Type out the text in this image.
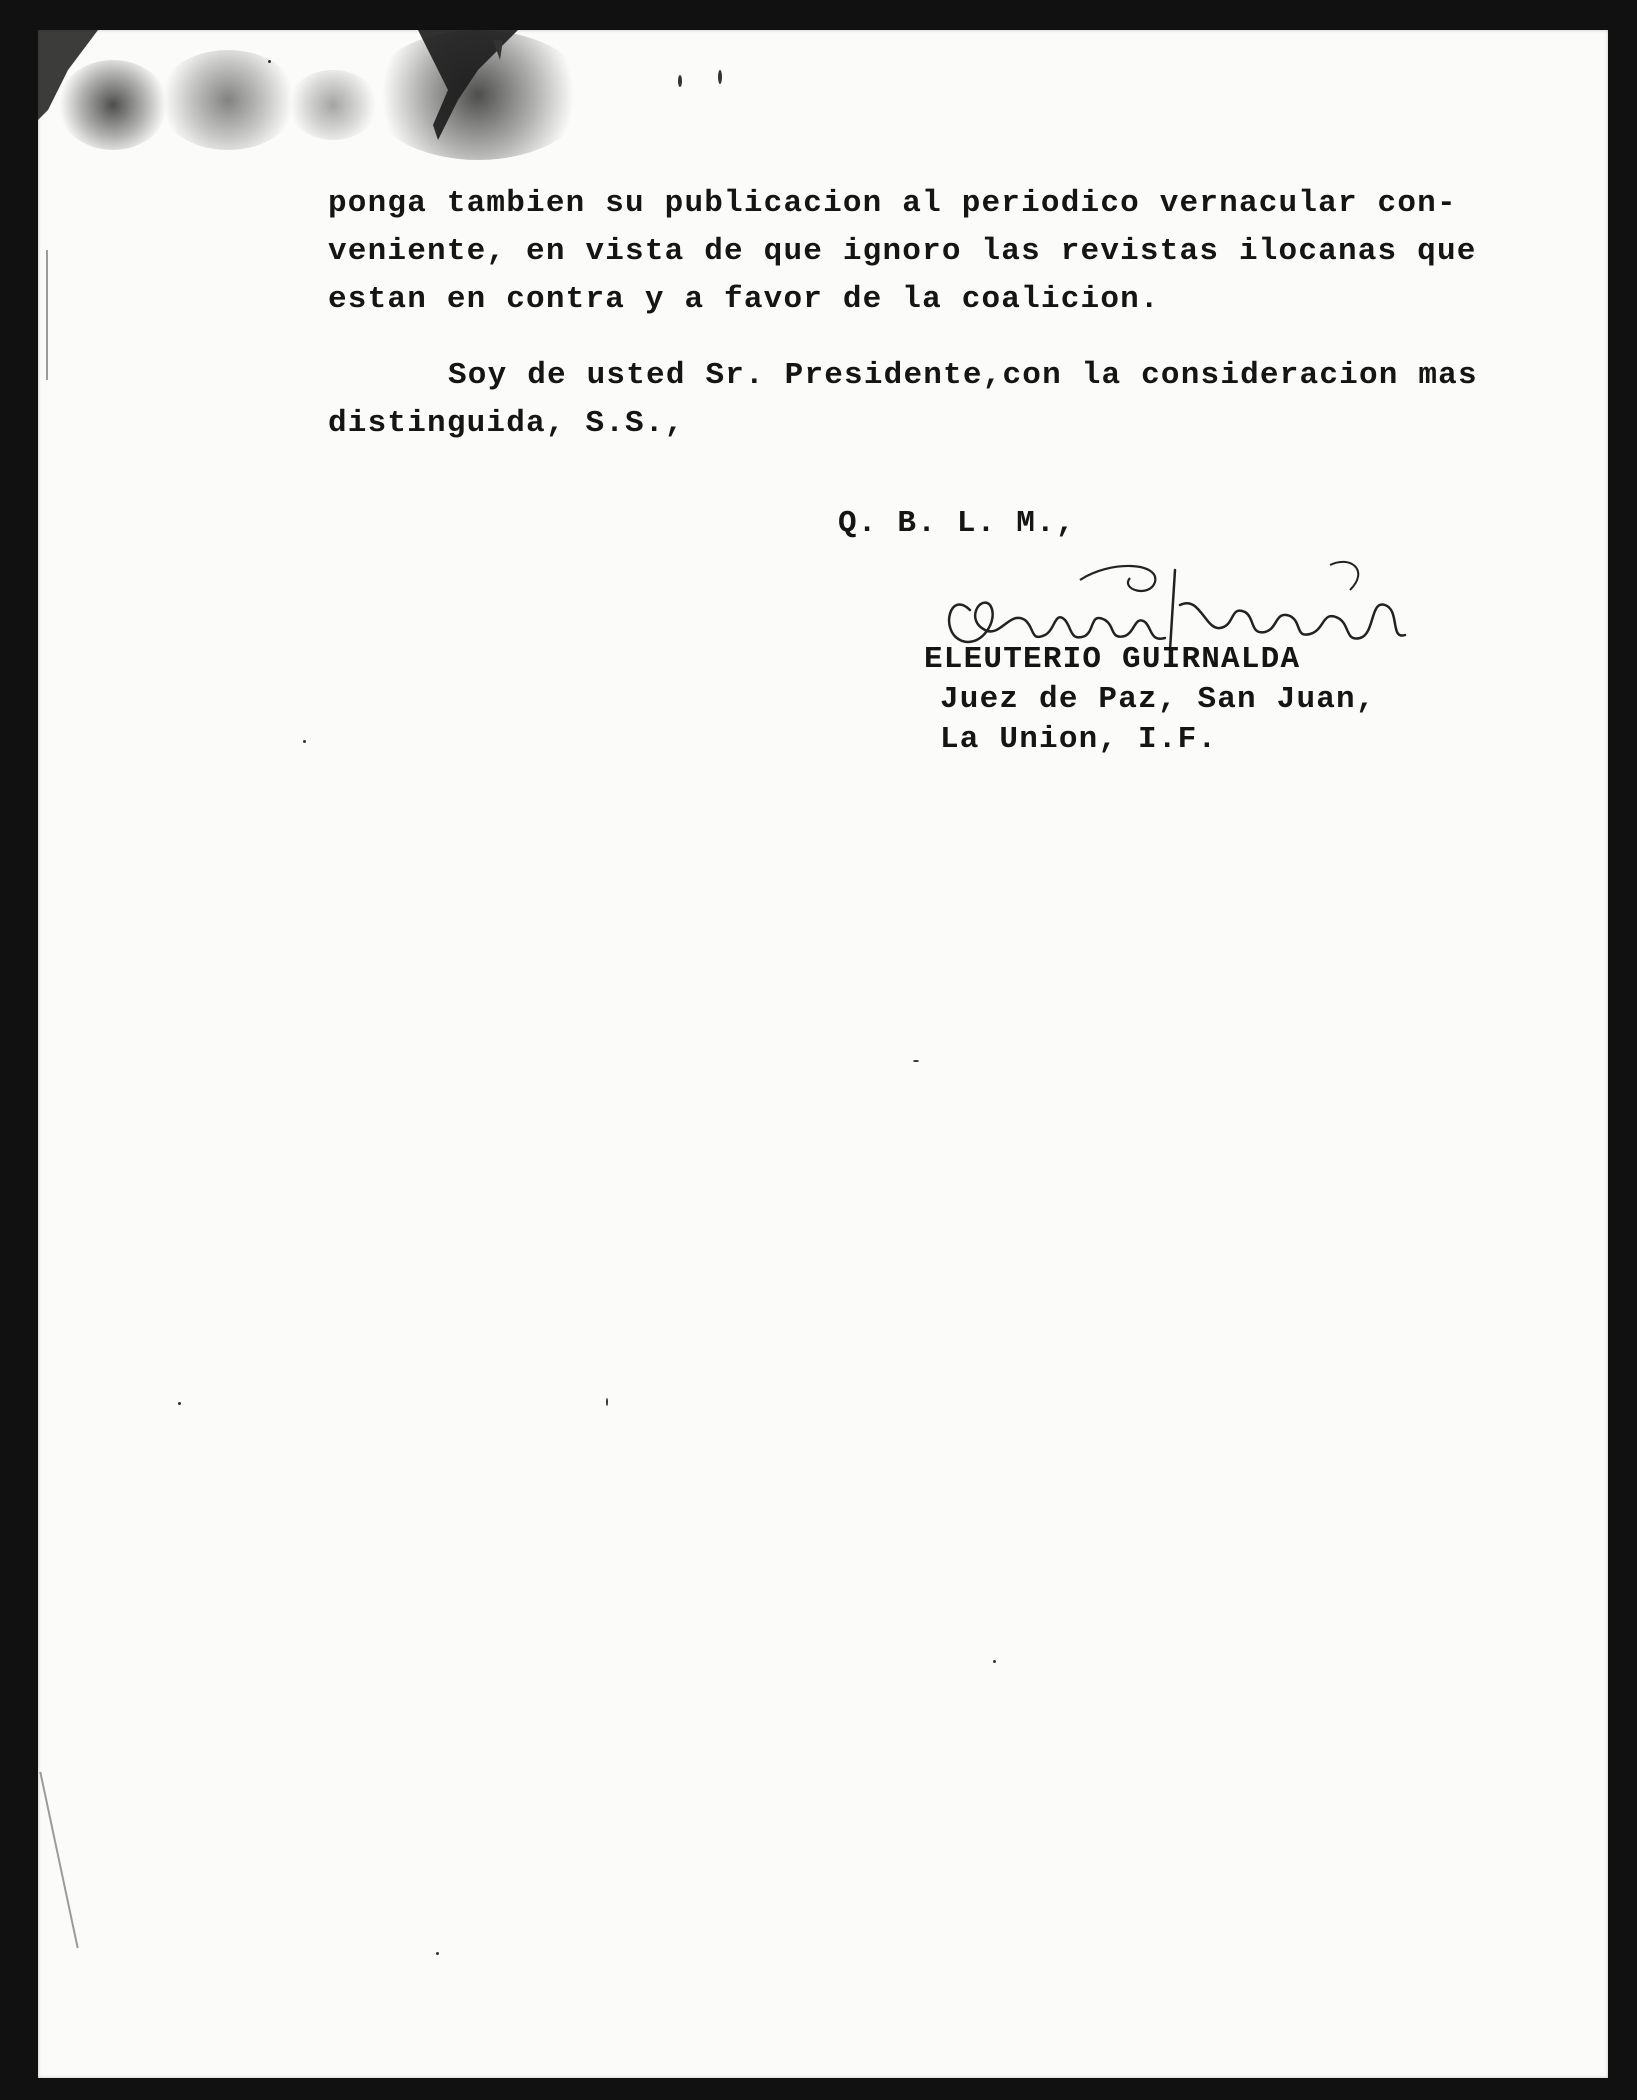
ponga tambien su publicacion al periodico vernacular con-
veniente, en vista de que ignoro las revistas ilocanas que
estan en contra y a favor de la coalicion.
Soy de usted Sr. Presidente,con la consideracion mas
distinguida, S.S.,
Q. B. L. M.,
ELEUTERIO GUIRNALDA
Juez de Paz, San Juan,
La Union, I.F.
